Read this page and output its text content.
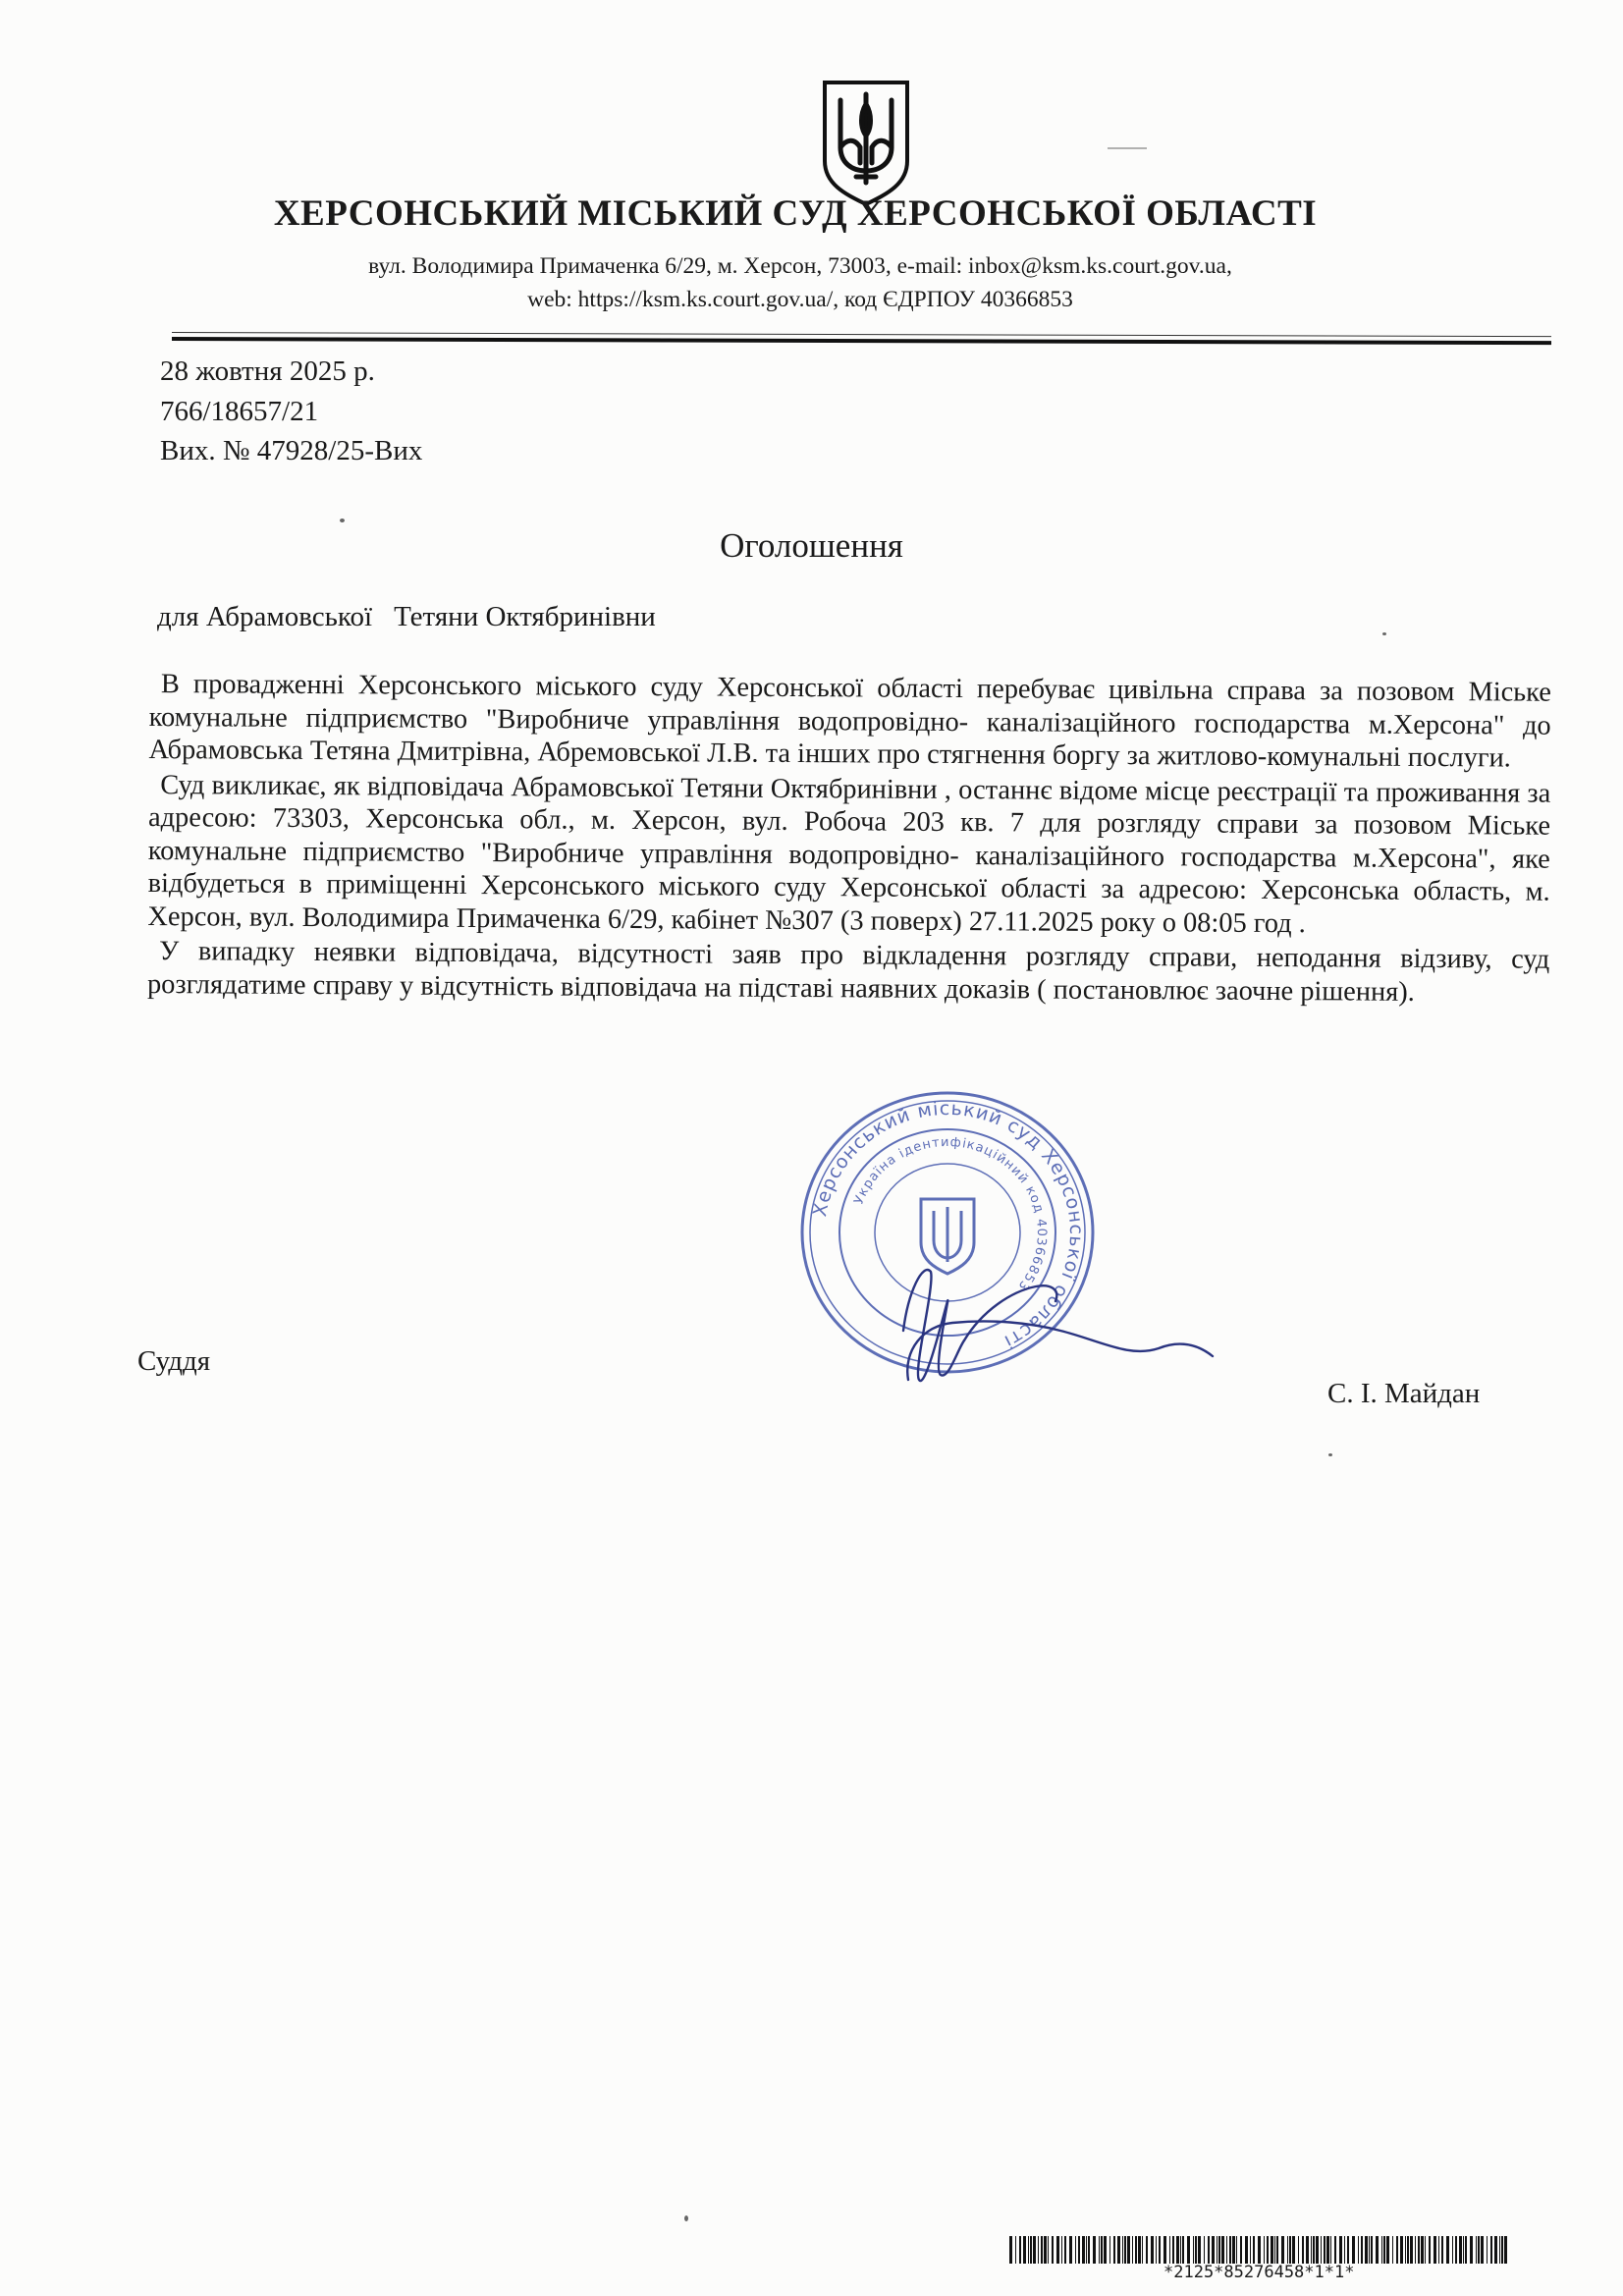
ХЕРСОНСЬКИЙ МІСЬКИЙ СУД ХЕРСОНСЬКОЇ ОБЛАСТІ
вул. Володимира Примаченка 6/29, м. Херсон, 73003, e-mail: inbox@ksm.ks.court.gov.ua,
web: https://ksm.ks.court.gov.ua/, код ЄДРПОУ 40366853
28 жовтня 2025 р.
766/18657/21
Вих. № 47928/25-Вих
Оголошення
для Абрамовської Тетяни Октябринівни

В провадженні Херсонського міського суду Херсонської області перебуває цивільна справа за позовом Міське комунальне підприємство "Виробниче управління водопровідно- каналізаційного господарства м.Херсона" до Абрамовська Тетяна Дмитрівна, Абремовської Л.В. та інших про стягнення боргу за житлово-комунальні послуги.

Суд викликає, як відповідача Абрамовської Тетяни Октябринівни , останнє відоме місце реєстрації та проживання за адресою: 73303, Херсонська обл., м. Херсон, вул. Робоча 203 кв. 7 для розгляду справи за позовом Міське комунальне підприємство "Виробниче управління водопровідно- каналізаційного господарства м.Херсона", яке відбудеться в приміщенні Херсонського міського суду Херсонської області за адресою: Херсонська область, м. Херсон, вул. Володимира Примаченка 6/29, кабінет №307 (3 поверх) 27.11.2025 року о 08:05 год .

У випадку неявки відповідача, відсутності заяв про відкладення розгляду справи, неподання відзиву, суд розглядатиме справу у відсутність відповідача на підставі наявних доказів ( постановлює заочне рішення).

Херсонський міський суд Херсонської області
Україна ідентифікаційний код 40366853
Суддя
С. І. Майдан
*2125*85276458*1*1*
